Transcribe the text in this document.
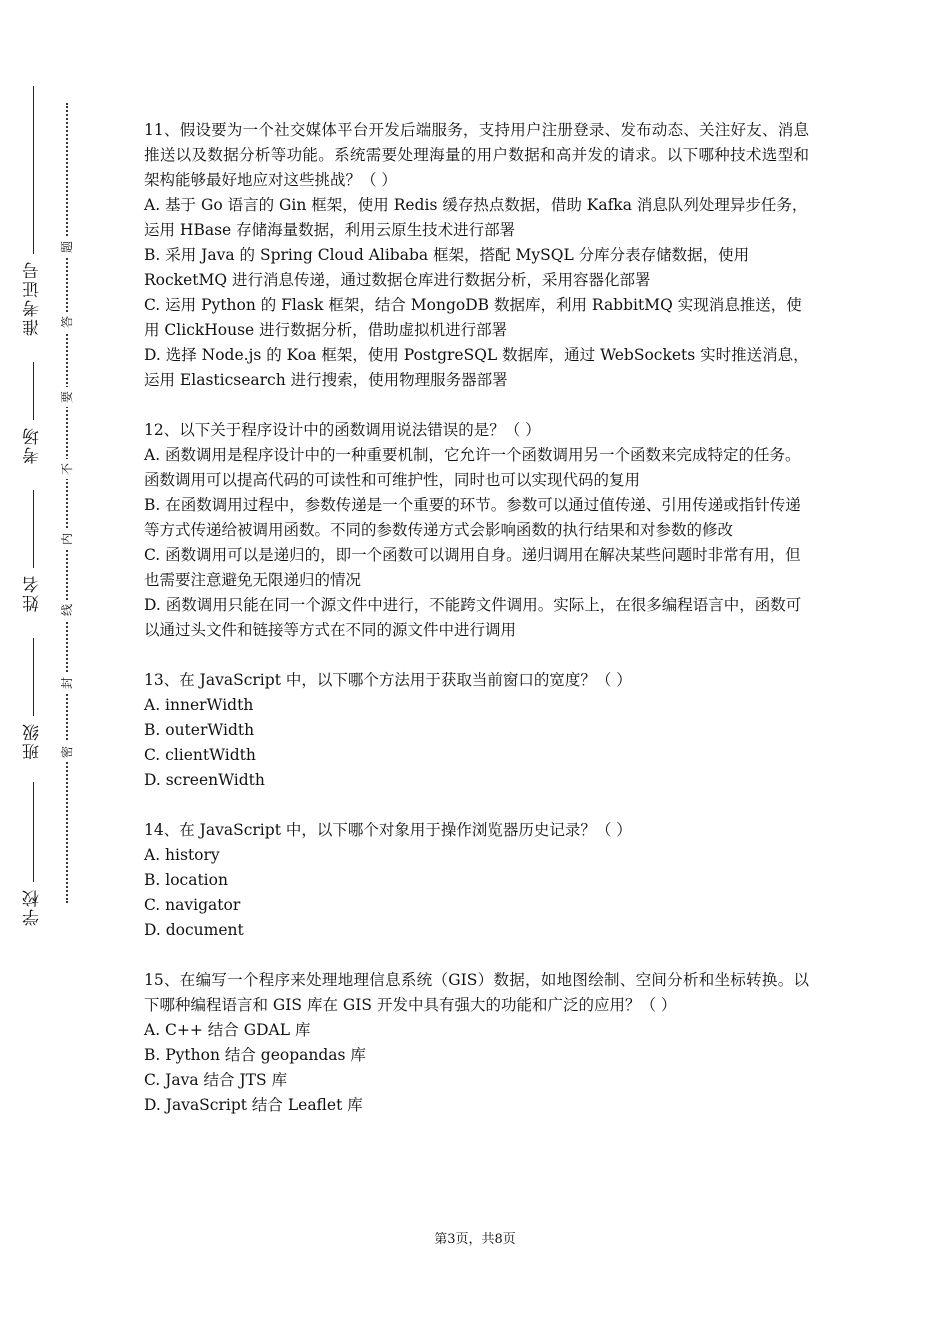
准考证号
考场
姓名
班级
学校
题
答
要
不
内
线
封
密

11、假设要为一个社交媒体平台开发后端服务，支持用户注册登录、发布动态、关注好友、消息推送以及数据分析等功能。系统需要处理海量的用户数据和高并发的请求。以下哪种技术选型和架构能够最好地应对这些挑战？（ ）

A. 基于 Go 语言的 Gin 框架，使用 Redis 缓存热点数据，借助 Kafka 消息队列处理异步任务，运用 HBase 存储海量数据，利用云原生技术进行部署

B. 采用 Java 的 Spring Cloud Alibaba 框架，搭配 MySQL 分库分表存储数据，使用 RocketMQ 进行消息传递，通过数据仓库进行数据分析，采用容器化部署

C. 运用 Python 的 Flask 框架，结合 MongoDB 数据库，利用 RabbitMQ 实现消息推送，使用 ClickHouse 进行数据分析，借助虚拟机进行部署

D. 选择 Node.js 的 Koa 框架，使用 PostgreSQL 数据库，通过 WebSockets 实时推送消息，运用 Elasticsearch 进行搜索，使用物理服务器部署

12、以下关于程序设计中的函数调用说法错误的是？（ ）

A. 函数调用是程序设计中的一种重要机制，它允许一个函数调用另一个函数来完成特定的任务。函数调用可以提高代码的可读性和可维护性，同时也可以实现代码的复用

B. 在函数调用过程中，参数传递是一个重要的环节。参数可以通过值传递、引用传递或指针传递等方式传递给被调用函数。不同的参数传递方式会影响函数的执行结果和对参数的修改

C. 函数调用可以是递归的，即一个函数可以调用自身。递归调用在解决某些问题时非常有用，但也需要注意避免无限递归的情况

D. 函数调用只能在同一个源文件中进行，不能跨文件调用。实际上，在很多编程语言中，函数可以通过头文件和链接等方式在不同的源文件中进行调用

13、在 JavaScript 中，以下哪个方法用于获取当前窗口的宽度？（ ）

A. innerWidth

B. outerWidth

C. clientWidth

D. screenWidth

14、在 JavaScript 中，以下哪个对象用于操作浏览器历史记录？（ ）

A. history

B. location

C. navigator

D. document

15、在编写一个程序来处理地理信息系统（GIS）数据，如地图绘制、空间分析和坐标转换。以下哪种编程语言和 GIS 库在 GIS 开发中具有强大的功能和广泛的应用？（ ）

A. C++ 结合 GDAL 库

B. Python 结合 geopandas 库

C. Java 结合 JTS 库

D. JavaScript 结合 Leaflet 库

第3页，共8页
